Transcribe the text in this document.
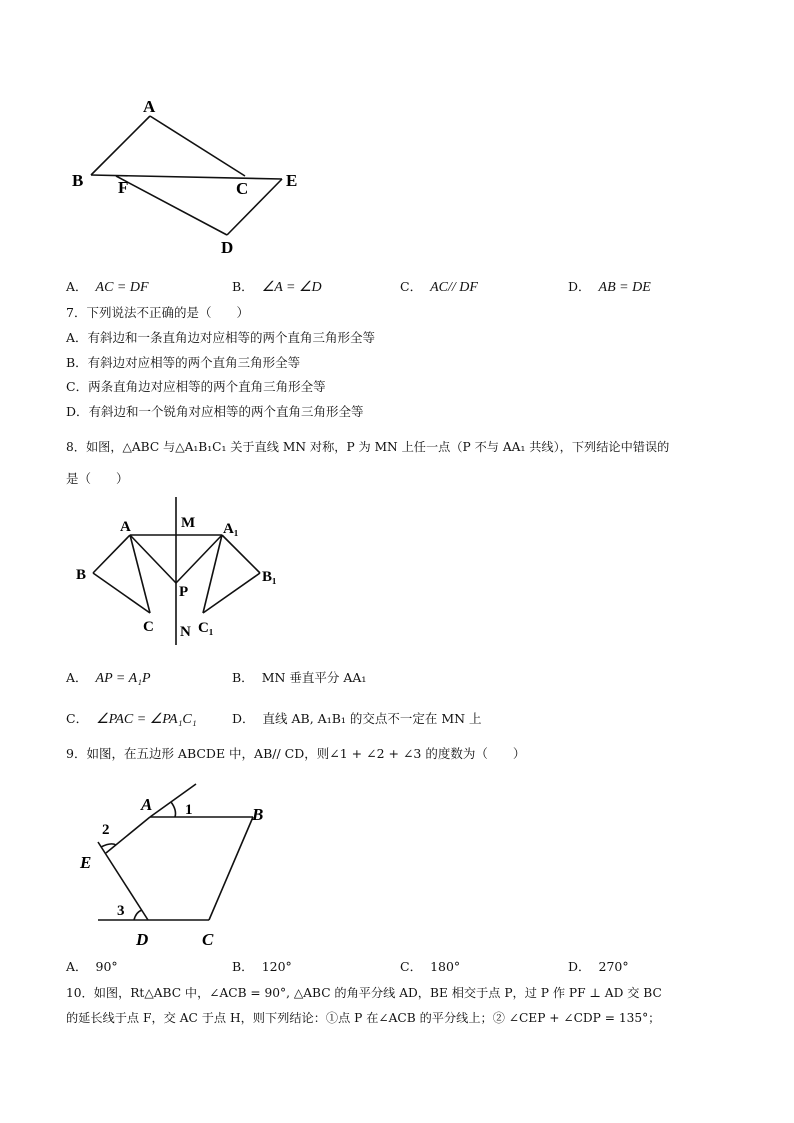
A
B F	C E
D
A． AC = DF	B． ∠A = ∠D	C． AC// DF	D． AB = DE
7．下列说法不正确的是（　　）
A．有斜边和一条直角边对应相等的两个直角三角形全等
B．有斜边对应相等的两个直角三角形全等
C．两条直角边对应相等的两个直角三角形全等
D．有斜边和一个锐角对应相等的两个直角三角形全等
8．如图，△ABC 与△A₁B₁C₁ 关于直线 MN 对称，P 为 MN 上任一点（P 不与 AA₁ 共线），下列结论中错误的
是（　　）
A	M A₁
B
P
B₁
C N C₁
A． AP = A₁P	B． MN 垂直平分 AA₁
C． ∠PAC = ∠PA₁C₁	D． 直线 AB, A₁B₁ 的交点不一定在 MN 上
9．如图，在五边形 ABCDE 中，AB// CD，则∠1 + ∠2 + ∠3 的度数为（　　）
A 1	B
2
E
3
D	C
A． 90°	B． 120°	C． 180°	D． 270°
10．如图，Rt△ABC 中，∠ACB = 90°, △ABC 的角平分线 AD，BE 相交于点 P，过 P 作 PF ⊥ AD 交 BC
的延长线于点 F，交 AC 于点 H，则下列结论：①点 P 在∠ACB 的平分线上；② ∠CEP + ∠CDP = 135°；
